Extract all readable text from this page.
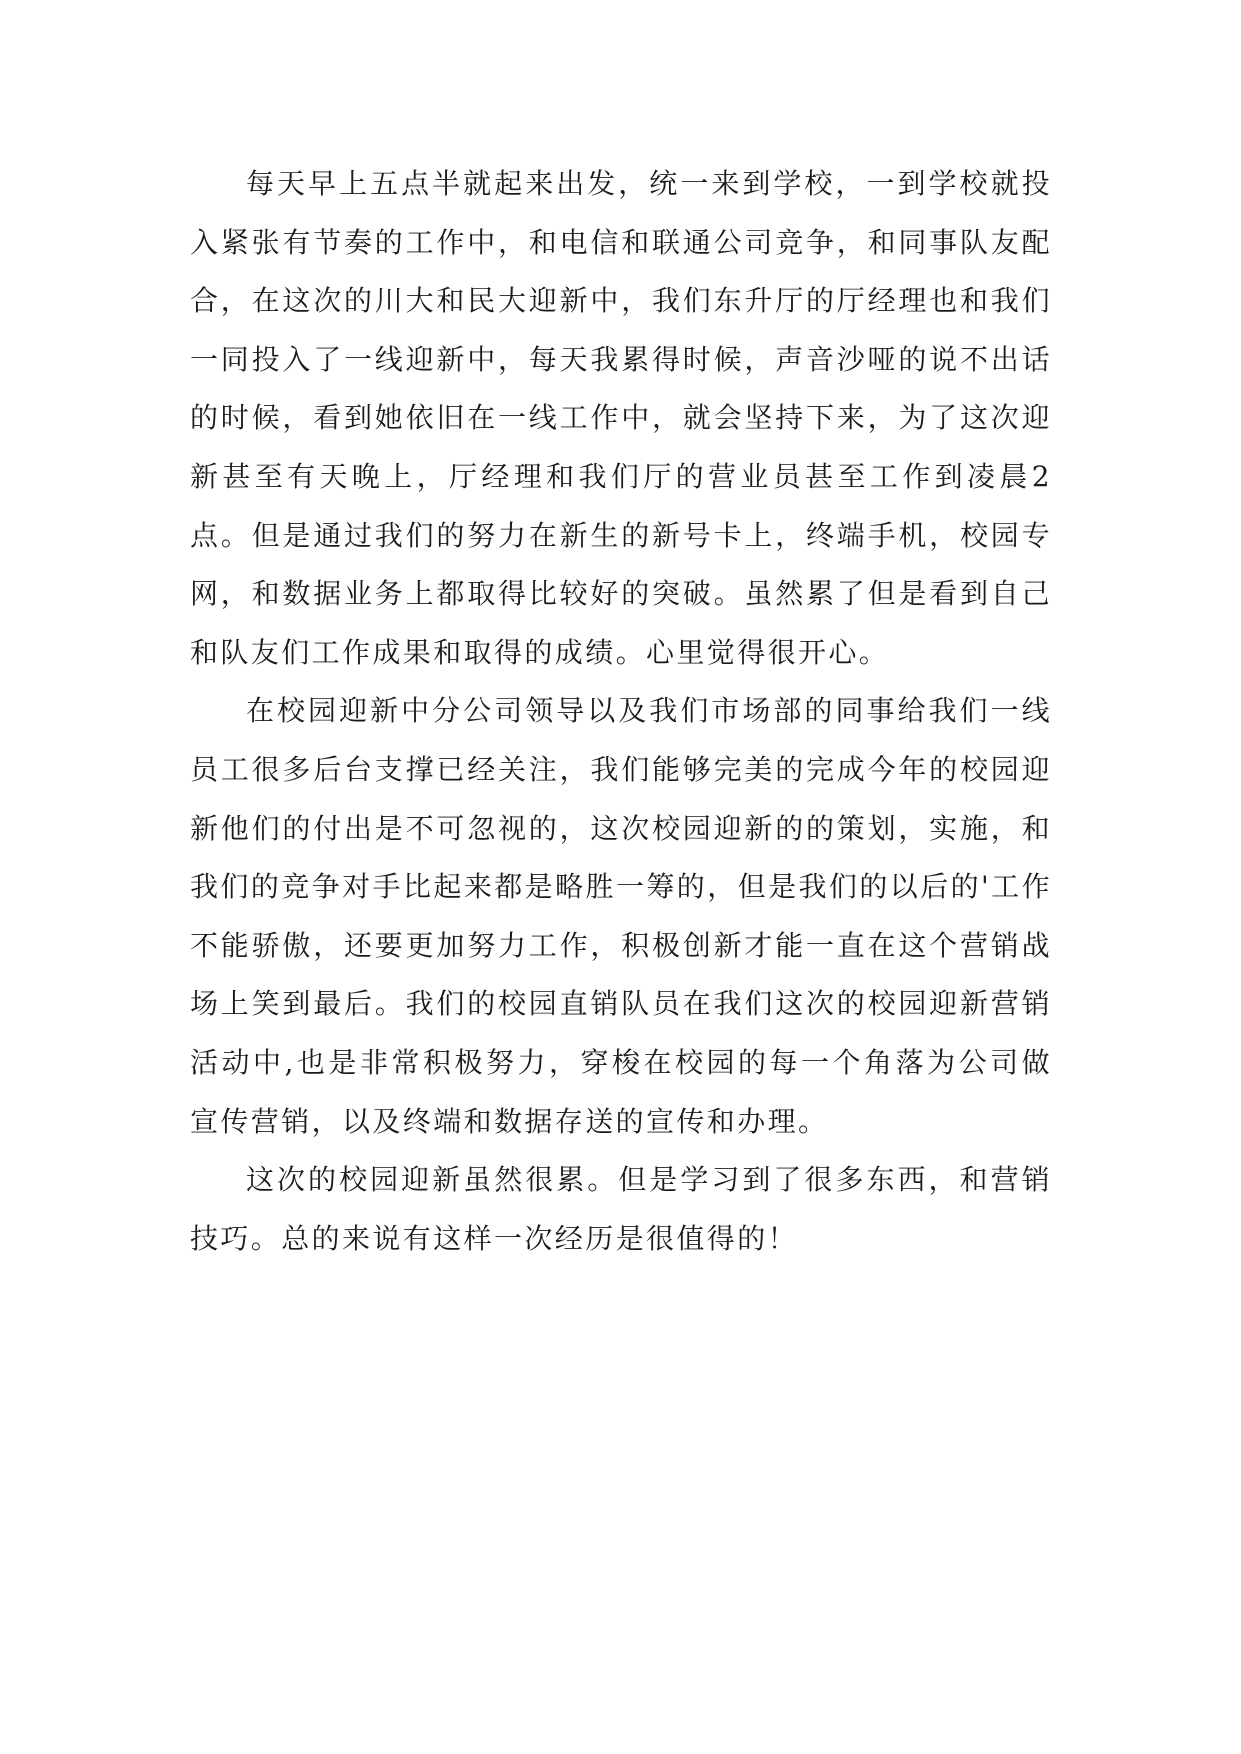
每天早上五点半就起来出发，统一来到学校，一到学校就投入紧张有节奏的工作中，和电信和联通公司竞争，和同事队友配合，在这次的川大和民大迎新中，我们东升厅的厅经理也和我们一同投入了一线迎新中，每天我累得时候，声音沙哑的说不出话的时候，看到她依旧在一线工作中，就会坚持下来，为了这次迎新甚至有天晚上，厅经理和我们厅的营业员甚至工作到凌晨2点。但是通过我们的努力在新生的新号卡上，终端手机，校园专网，和数据业务上都取得比较好的突破。虽然累了但是看到自己和队友们工作成果和取得的成绩。心里觉得很开心。

在校园迎新中分公司领导以及我们市场部的同事给我们一线员工很多后台支撑已经关注，我们能够完美的完成今年的校园迎新他们的付出是不可忽视的，这次校园迎新的的策划，实施，和我们的竞争对手比起来都是略胜一筹的，但是我们的以后的'工作不能骄傲，还要更加努力工作，积极创新才能一直在这个营销战场上笑到最后。我们的校园直销队员在我们这次的校园迎新营销活动中,也是非常积极努力，穿梭在校园的每一个角落为公司做宣传营销，以及终端和数据存送的宣传和办理。

这次的校园迎新虽然很累。但是学习到了很多东西，和营销技巧。总的来说有这样一次经历是很值得的！
